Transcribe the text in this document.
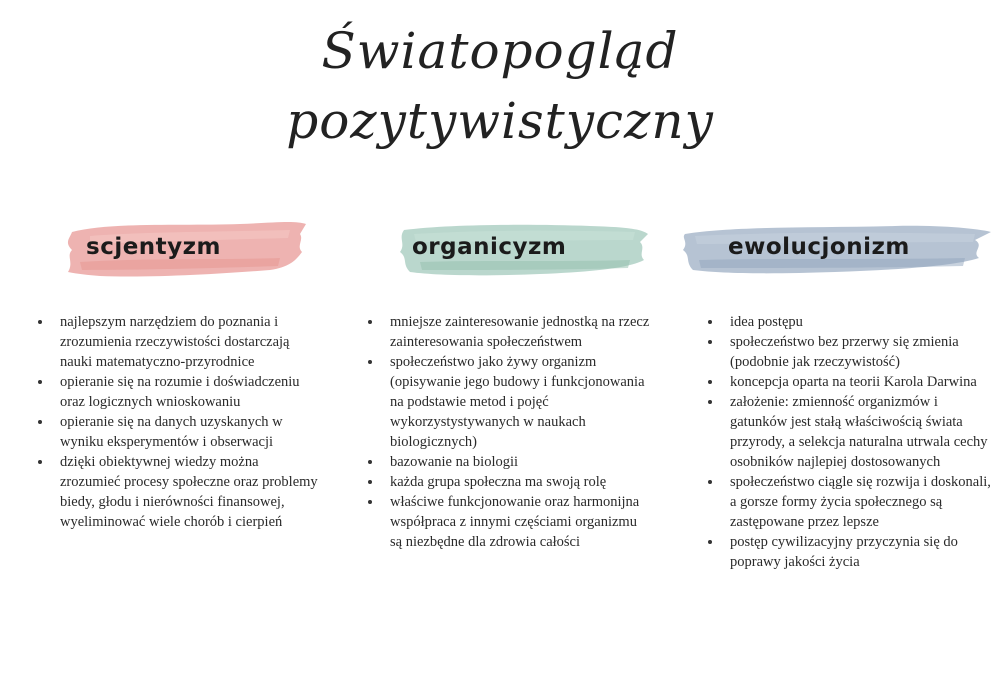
Światopogląd
pozytywistyczny
scjentyzm
najlepszym narzędziem do poznania i zrozumienia rzeczywistości dostarczają nauki matematyczno-przyrodnice
opieranie się na rozumie i doświadczeniu oraz logicznych wnioskowaniu
opieranie się na danych uzyskanych w wyniku eksperymentów i obserwacji
dzięki obiektywnej wiedzy można zrozumieć procesy społeczne oraz problemy biedy, głodu i nierówności finansowej, wyeliminować wiele chorób i cierpień
organicyzm
mniejsze zainteresowanie jednostką na rzecz zainteresowania społeczeństwem
społeczeństwo jako żywy organizm (opisywanie jego budowy i funkcjonowania na podstawie metod i pojęć wykorzystystywanych w naukach biologicznych)
bazowanie na biologii
każda grupa społeczna ma swoją rolę
właściwe funkcjonowanie oraz harmonijna współpraca z innymi częściami organizmu są niezbędne dla zdrowia całości
ewolucjonizm
idea postępu
społeczeństwo bez przerwy się zmienia (podobnie jak rzeczywistość)
koncepcja oparta na teorii Karola Darwina
założenie: zmienność organizmów i gatunków jest stałą właściwością świata przyrody, a selekcja naturalna utrwala cechy osobników najlepiej dostosowanych
społeczeństwo ciągle się rozwija i doskonali, a gorsze formy życia społecznego są zastępowane przez lepsze
postęp cywilizacyjny przyczynia się do poprawy jakości życia
